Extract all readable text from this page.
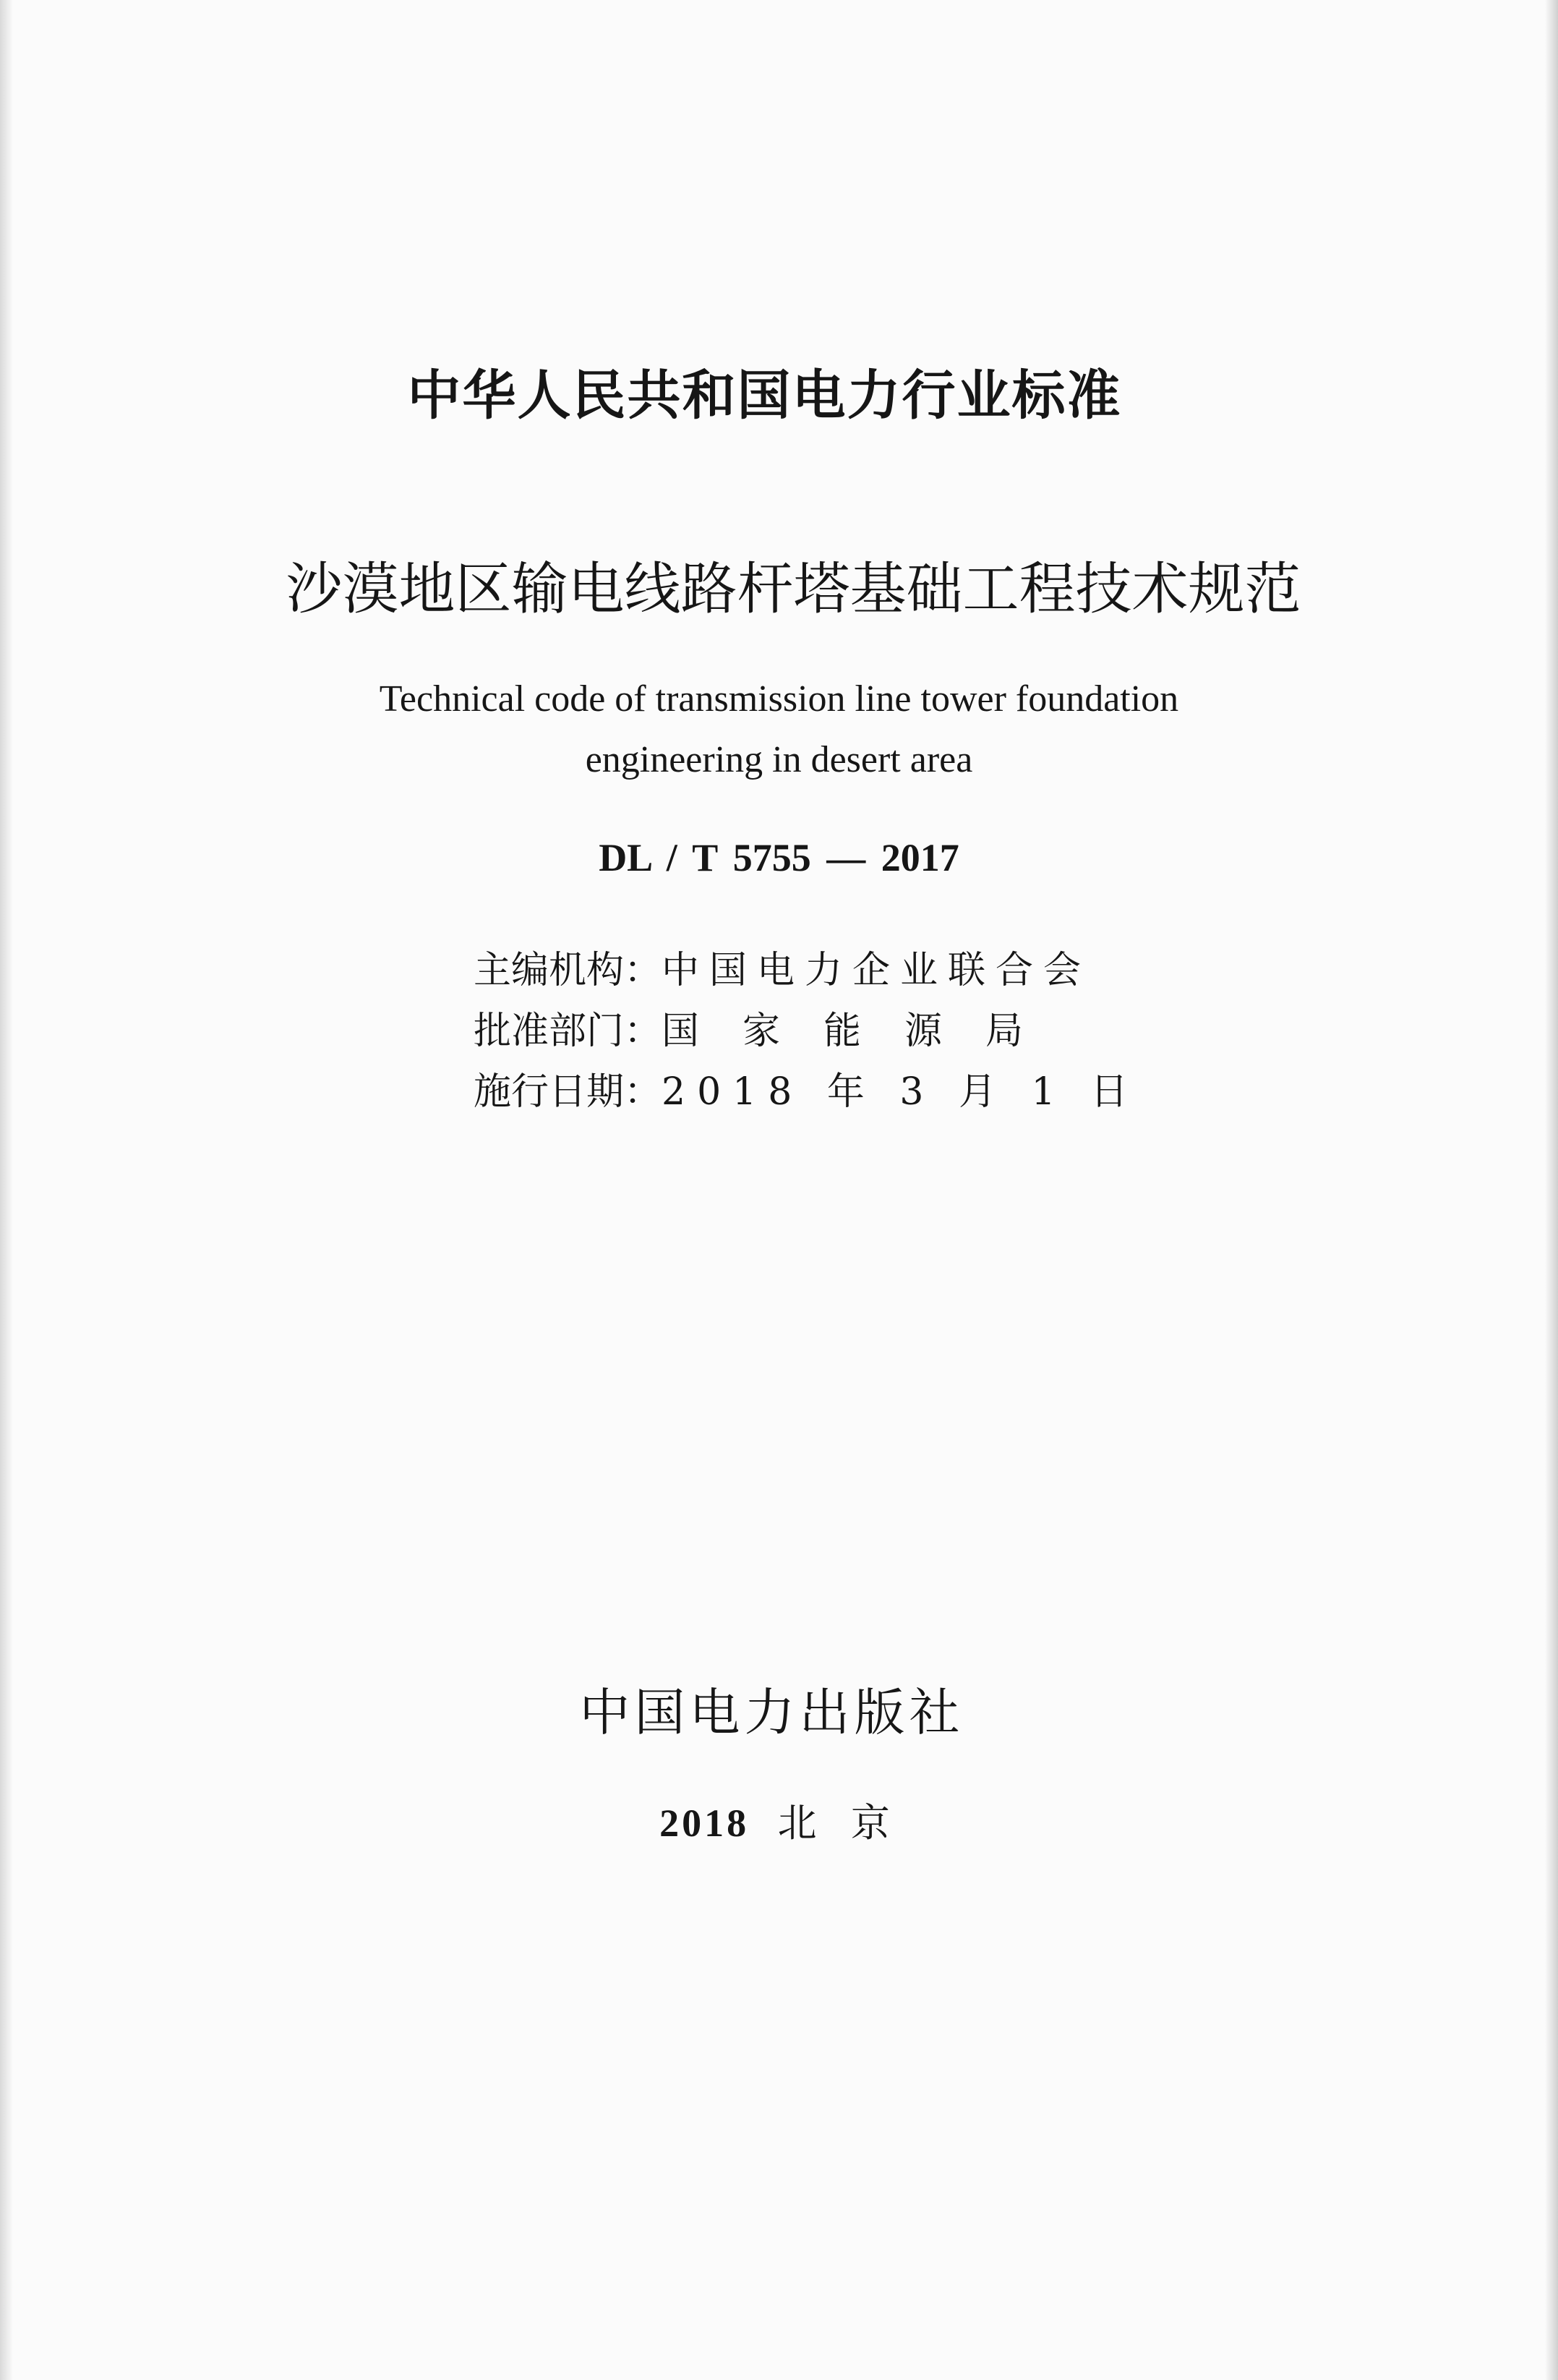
中华人民共和国电力行业标准
沙漠地区输电线路杆塔基础工程技术规范
Technical code of transmission line tower foundation
engineering in desert area
DL / T 5755 — 2017
主编机构：中国电力企业联合会
批准部门：国家能源局
施行日期：2018 年 3 月 1 日
中国电力出版社
2018 北 京
